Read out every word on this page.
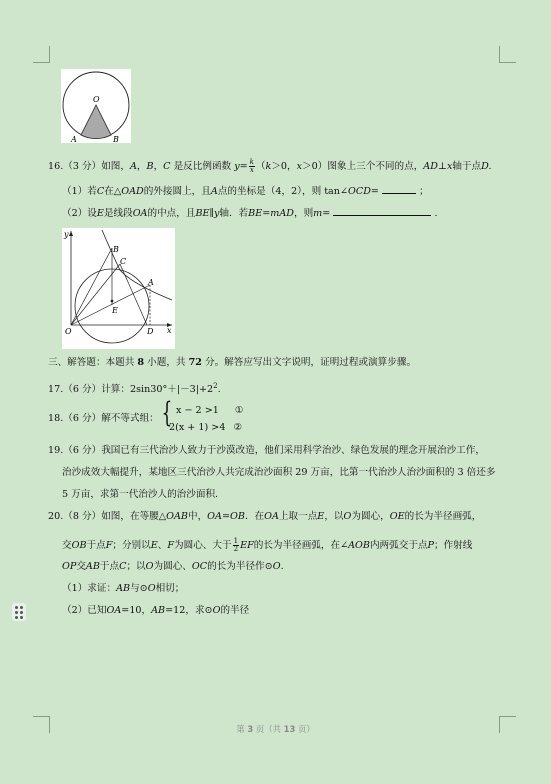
O
A	B
16.（3 分）如图，A，B，C 是反比例函数 $y= \frac{k}{x} (k>0$，x＞0）图象上三个不同的点，AD⊥x轴于点D.
（1）若C在△OAD的外接圆上，且A点的坐标是（4，2），则 tan∠OCD=	；
（2）设E是线段OA的中点，且BE∥y轴．若BE=mAD，则m=	.
y
B
C
A
E
O	D x
三、解答题：本题共 8 小题，共 72 分。解答应写出文字说明，证明过程或演算步骤。
17.（6 分）计算：$2\sin 30^\circ+|-3|+2^2$.
18.（6 分）解不等式组： { x − 2 >1 ①
2(x + 1) >4 ②
19.（6 分）我国已有三代治沙人致力于沙漠改造，他们采用科学治沙、绿色发展的理念开展治沙工作，
治沙成效大幅提升，某地区三代治沙人共完成治沙面积 29 万亩，比第一代治沙人治沙面积的 3 倍还多
5 万亩，求第一代治沙人的治沙面积.
20.（8 分）如图，在等腰△OAB中，OA=OB．在OA上取一点E，以O为圆心，OE的长为半径画弧，
交OB于点F；分别以E、F为圆心、大于 $\frac{1}{2}$ EF的长为半径画弧，在∠AOB内两弧交于点P；作射线
OP交AB于点C；以O为圆心、OC的长为半径作⊙O.
（1）求证：AB与⊙O相切；
（2）已知OA=10，AB=12，求⊙O的半径
第 3 页（共 13 页）
